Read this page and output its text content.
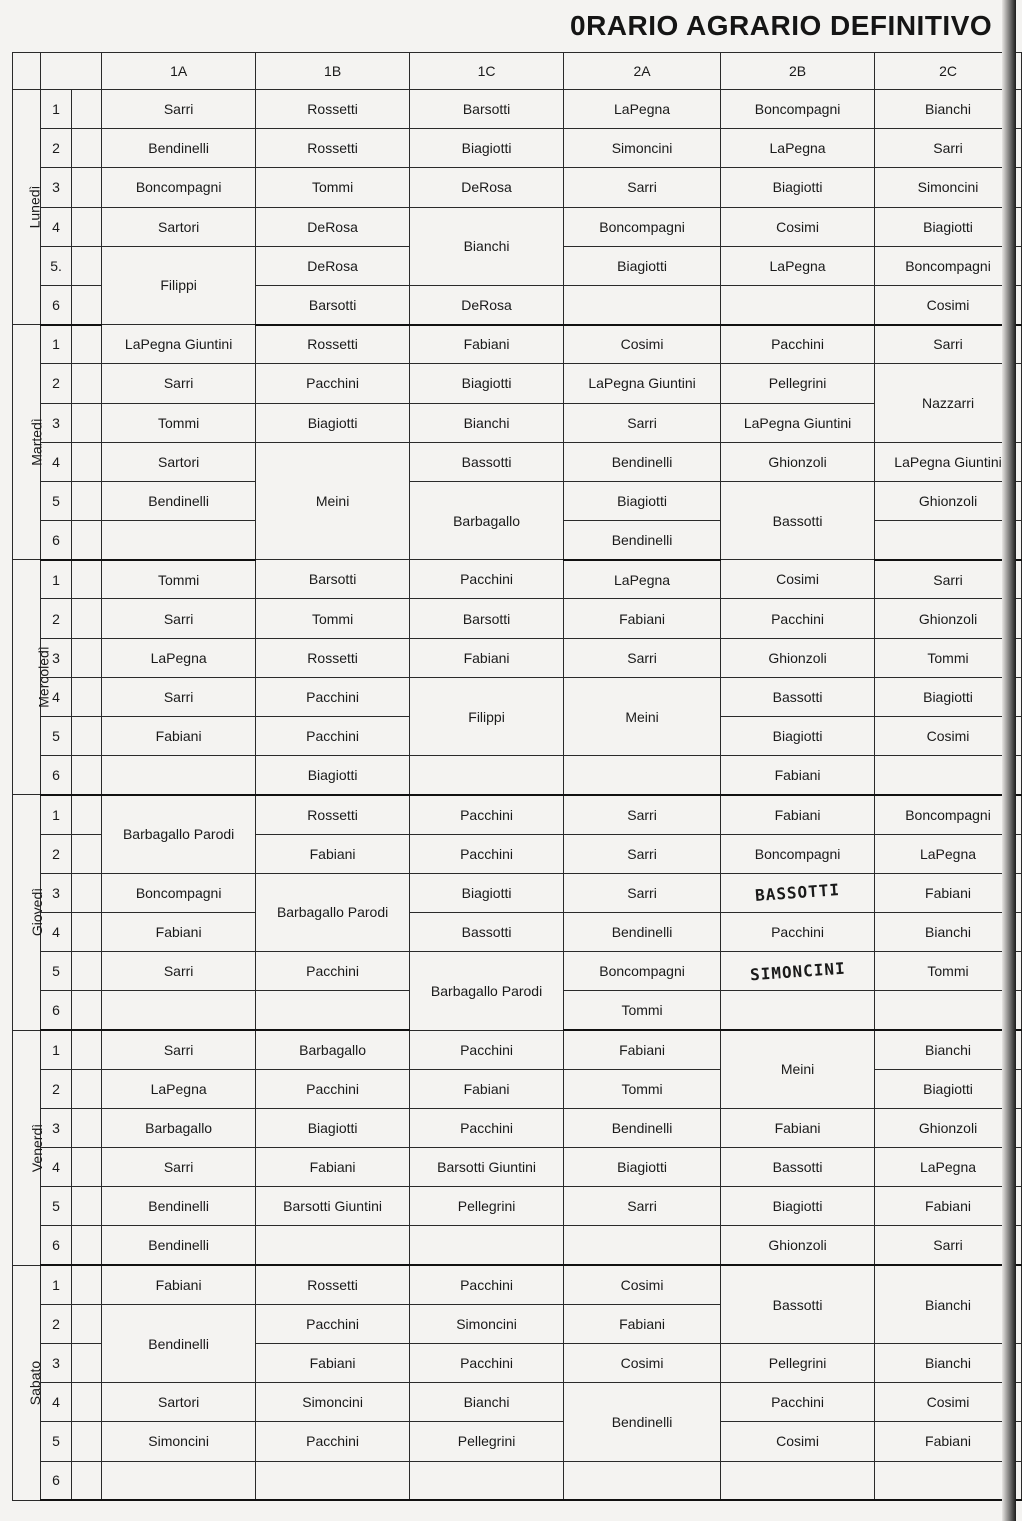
0RARIO AGRARIO DEFINITIVO
			1A	1B	1C	2A	2B	2C
Lunedì	1		Sarri	Rossetti	Barsotti	LaPegna	Boncompagni	Bianchi
	2		Bendinelli	Rossetti	Biagiotti	Simoncini	LaPegna	Sarri
	3		Boncompagni	Tommi	DeRosa	Sarri	Biagiotti	Simoncini
	4		Sartori	DeRosa	Bianchi	Boncompagni	Cosimi	Biagiotti
	5.		Filippi	DeRosa		Biagiotti	LaPegna	Boncompagni
	6			Barsotti	DeRosa			Cosimi
Martedì	1		LaPegna Giuntini	Rossetti	Fabiani	Cosimi	Pacchini	Sarri
	2		Sarri	Pacchini	Biagiotti	LaPegna Giuntini	Pellegrini	Nazzarri
	3		Tommi	Biagiotti	Bianchi	Sarri	LaPegna Giuntini	
	4		Sartori	Meini	Bassotti	Bendinelli	Ghionzoli	LaPegna Giuntini
	5		Bendinelli		Barbagallo	Biagiotti	Bassotti	Ghionzoli
	6					Bendinelli		
Mercoledì	1		Tommi	Barsotti	Pacchini	LaPegna	Cosimi	Sarri
	2		Sarri	Tommi	Barsotti	Fabiani	Pacchini	Ghionzoli
	3		LaPegna	Rossetti	Fabiani	Sarri	Ghionzoli	Tommi
	4		Sarri	Pacchini	Filippi	Meini	Bassotti	Biagiotti
	5		Fabiani	Pacchini			Biagiotti	Cosimi
	6			Biagiotti			Fabiani	
Giovedì	1		Barbagallo Parodi	Rossetti	Pacchini	Sarri	Fabiani	Boncompagni
	2			Fabiani	Pacchini	Sarri	Boncompagni	LaPegna
	3		Boncompagni	Barbagallo Parodi	Biagiotti	Sarri	BASSOTTI	Fabiani
	4		Fabiani		Bassotti	Bendinelli	Pacchini	Bianchi
	5		Sarri	Pacchini	Barbagallo Parodi	Boncompagni	SIMONCINI	Tommi
	6					Tommi		
Venerdì	1		Sarri	Barbagallo	Pacchini	Fabiani	Meini	Bianchi
	2		LaPegna	Pacchini	Fabiani	Tommi		Biagiotti
	3		Barbagallo	Biagiotti	Pacchini	Bendinelli	Fabiani	Ghionzoli
	4		Sarri	Fabiani	Barsotti Giuntini	Biagiotti	Bassotti	LaPegna
	5		Bendinelli	Barsotti Giuntini	Pellegrini	Sarri	Biagiotti	Fabiani
	6		Bendinelli				Ghionzoli	Sarri
Sabato	1		Fabiani	Rossetti	Pacchini	Cosimi	Bassotti	Bianchi
	2		Bendinelli	Pacchini	Simoncini	Fabiani		
	3			Fabiani	Pacchini	Cosimi	Pellegrini	Bianchi
	4		Sartori	Simoncini	Bianchi	Bendinelli	Pacchini	Cosimi
	5		Simoncini	Pacchini	Pellegrini		Cosimi	Fabiani
	6							
